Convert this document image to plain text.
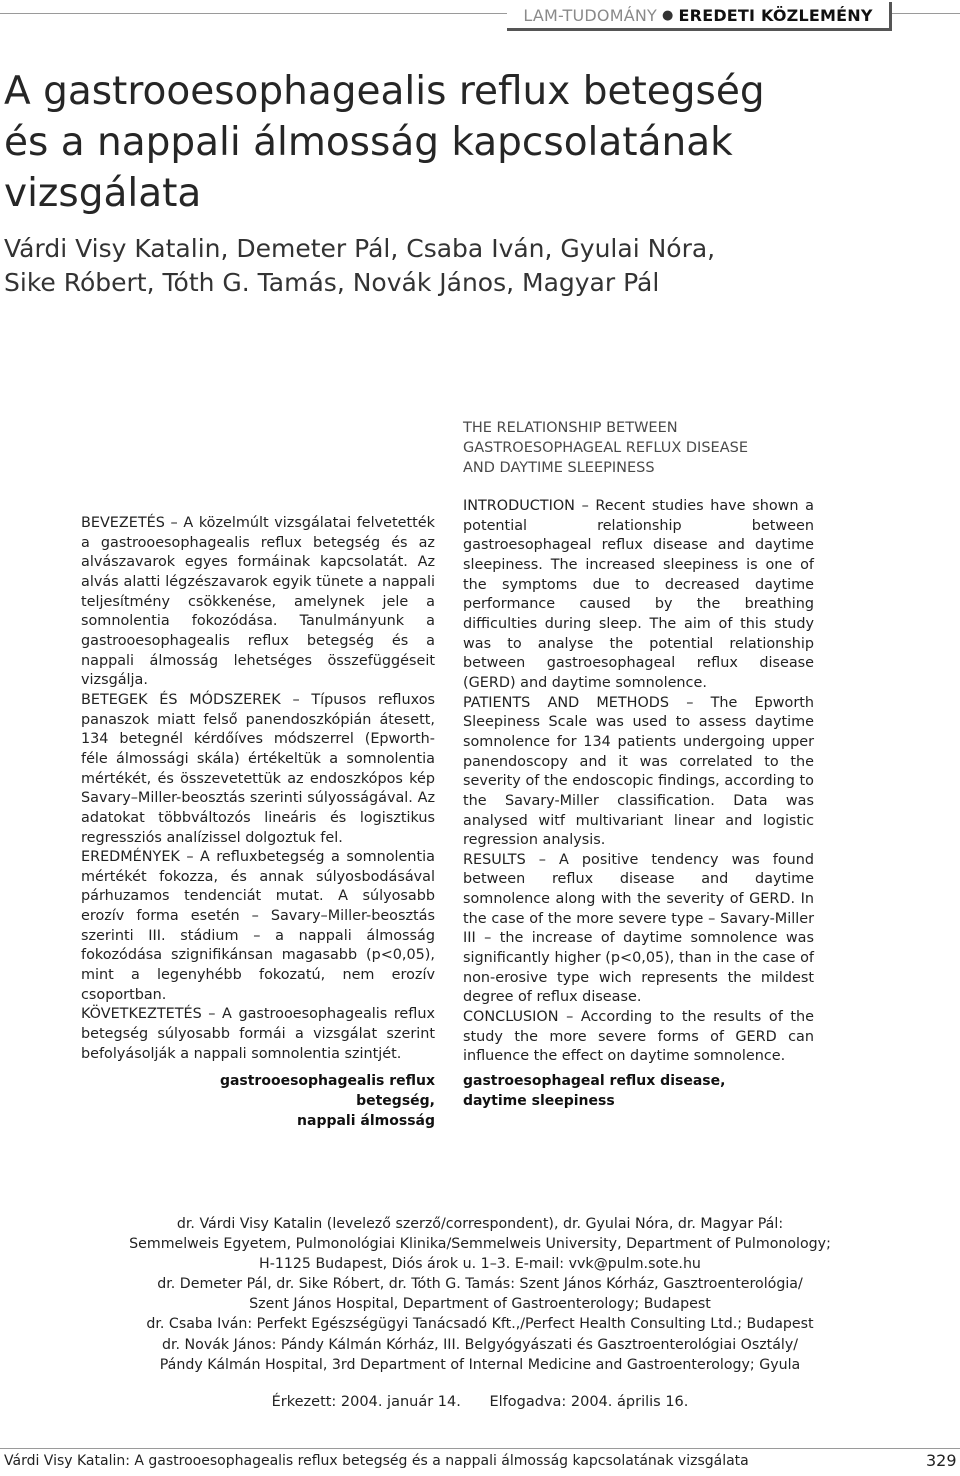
LAM-TUDOMÁNY ● EREDETI KÖZLEMÉNY
A gastrooesophagealis reflux betegség
és a nappali álmosság kapcsolatának
vizsgálata
Várdi Visy Katalin, Demeter Pál, Csaba Iván, Gyulai Nóra,
Sike Róbert, Tóth G. Tamás, Novák János, Magyar Pál
THE RELATIONSHIP BETWEEN
GASTROESOPHAGEAL REFLUX DISEASE
AND DAYTIME SLEEPINESS

BEVEZETÉS – A közelmúlt vizsgálatai felvetették a gastrooesophagealis reflux betegség és az alvászavarok egyes formáinak kapcsolatát. Az alvás alatti légzészavarok egyik tünete a nappali teljesítmény csökkenése, amelynek jele a somnolentia fokozódása. Tanulmányunk a gastrooesophagealis reflux betegség és a nappali álmosság lehetséges összefüggéseit vizsgálja.

BETEGEK ÉS MÓDSZEREK – Típusos refluxos panaszok miatt felső panendoszkópián átesett, 134 betegnél kérdőíves módszerrel (Epworth-féle álmossági skála) értékeltük a somnolentia mértékét, és összevetettük az endoszkópos kép Savary–Miller-beosztás szerinti súlyosságával. Az adatokat többváltozós lineáris és logisztikus regressziós analízissel dolgoztuk fel.

EREDMÉNYEK – A refluxbetegség a somnolentia mértékét fokozza, és annak súlyosbodásával párhuzamos tendenciát mutat. A súlyosabb erozív forma esetén – Savary–Miller-beosztás szerinti III. stádium – a nappali álmosság fokozódása szignifikánsan magasabb (p<0,05), mint a legenyhébb fokozatú, nem erozív csoportban.

KÖVETKEZTETÉS – A gastrooesophagealis reflux betegség súlyosabb formái a vizsgálat szerint befolyásolják a nappali somnolentia szintjét.

INTRODUCTION – Recent studies have shown a potential relationship between gastroesophageal reflux disease and daytime sleepiness. The increased sleepiness is one of the symptoms due to decreased daytime performance caused by the breathing difficulties during sleep. The aim of this study was to analyse the potential relationship between gastroesophageal reflux disease (GERD) and daytime somnolence.

PATIENTS AND METHODS – The Epworth Sleepiness Scale was used to assess daytime somnolence for 134 patients undergoing upper panendoscopy and it was correlated to the severity of the endoscopic findings, according to the Savary-Miller classification. Data was analysed witf multivariant linear and logistic regression analysis.

RESULTS – A positive tendency was found between reflux disease and daytime somnolence along with the severity of GERD. In the case of the more severe type – Savary-Miller III – the increase of daytime somnolence was significantly higher (p<0,05), than in the case of non-erosive type wich represents the mildest degree of reflux disease.

CONCLUSION – According to the results of the study the more severe forms of GERD can influence the effect on daytime somnolence.

gastrooesophagealis reflux betegség,
nappali álmosság
gastroesophageal reflux disease,
daytime sleepiness
dr. Várdi Visy Katalin (levelező szerző/correspondent), dr. Gyulai Nóra, dr. Magyar Pál:
Semmelweis Egyetem, Pulmonológiai Klinika/Semmelweis University, Department of Pulmonology;
H-1125 Budapest, Diós árok u. 1–3. E-mail: vvk@pulm.sote.hu
dr. Demeter Pál, dr. Sike Róbert, dr. Tóth G. Tamás: Szent János Kórház, Gasztroenterológia/
Szent János Hospital, Department of Gastroenterology; Budapest
dr. Csaba Iván: Perfekt Egészségügyi Tanácsadó Kft.,/Perfect Health Consulting Ltd.; Budapest
dr. Novák János: Pándy Kálmán Kórház, III. Belgyógyászati és Gasztroenterológiai Osztály/
Pándy Kálmán Hospital, 3rd Department of Internal Medicine and Gastroenterology; Gyula
Érkezett: 2004. január 14. Elfogadva: 2004. április 16.
Várdi Visy Katalin: A gastrooesophagealis reflux betegség és a nappali álmosság kapcsolatának vizsgálata	329
